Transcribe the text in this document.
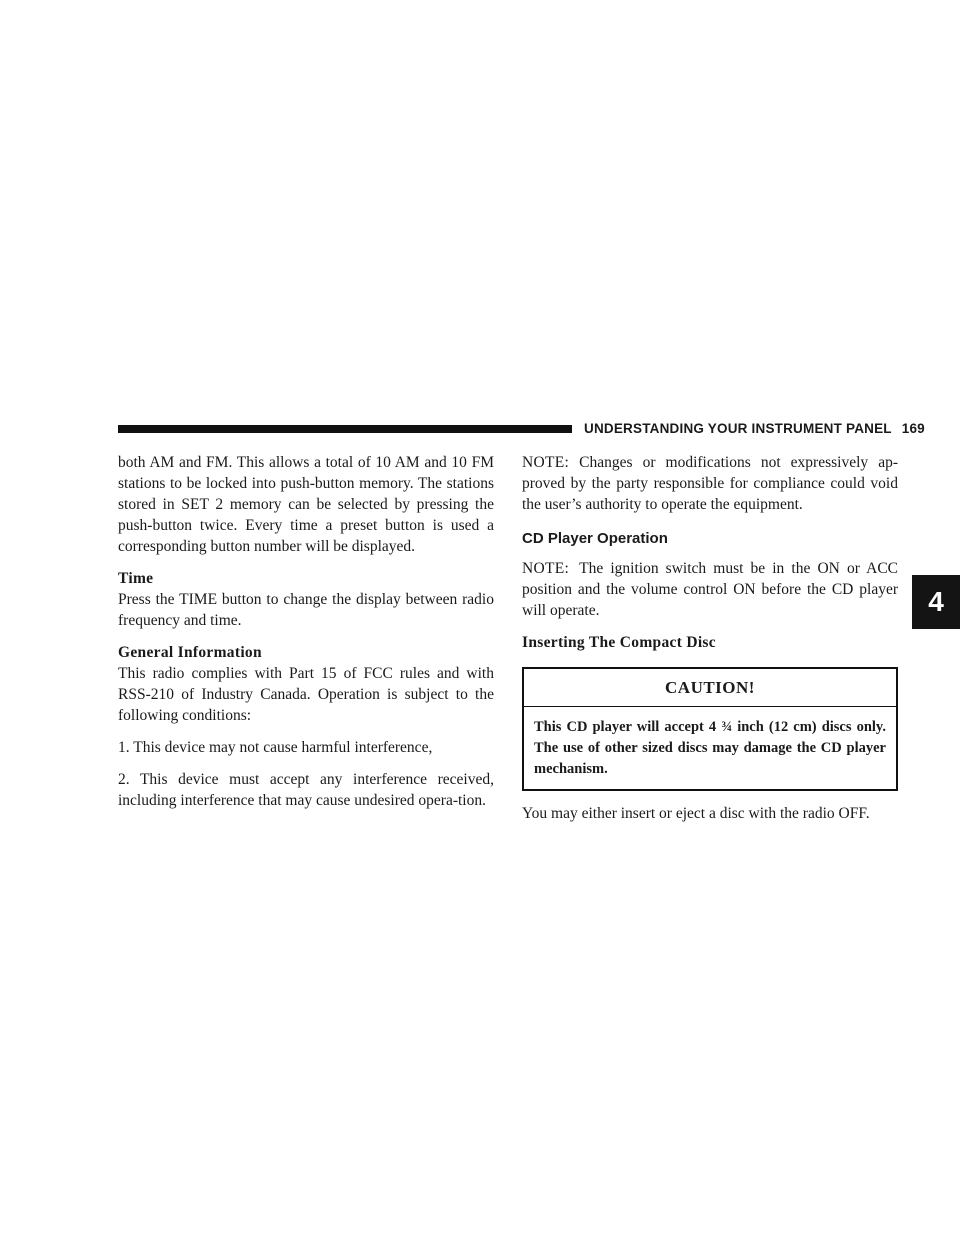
UNDERSTANDING YOUR INSTRUMENT PANEL 169
4

both AM and FM. This allows a total of 10 AM and 10 FM stations to be locked into push-button memory. The stations stored in SET 2 memory can be selected by pressing the push-button twice. Every time a preset button is used a corresponding button number will be displayed.

Time

Press the TIME button to change the display between radio frequency and time.

General Information

This radio complies with Part 15 of FCC rules and with RSS-210 of Industry Canada. Operation is subject to the following conditions:

1. This device may not cause harmful interference,

2. This device must accept any interference received, including interference that may cause undesired opera-tion.

NOTE: Changes or modifications not expressively ap-proved by the party responsible for compliance could void the user’s authority to operate the equipment.

CD Player Operation

NOTE: The ignition switch must be in the ON or ACC position and the volume control ON before the CD player will operate.

Inserting The Compact Disc
CAUTION!
This CD player will accept 4 ¾ inch (12 cm) discs only. The use of other sized discs may damage the CD player mechanism.

You may either insert or eject a disc with the radio OFF.
